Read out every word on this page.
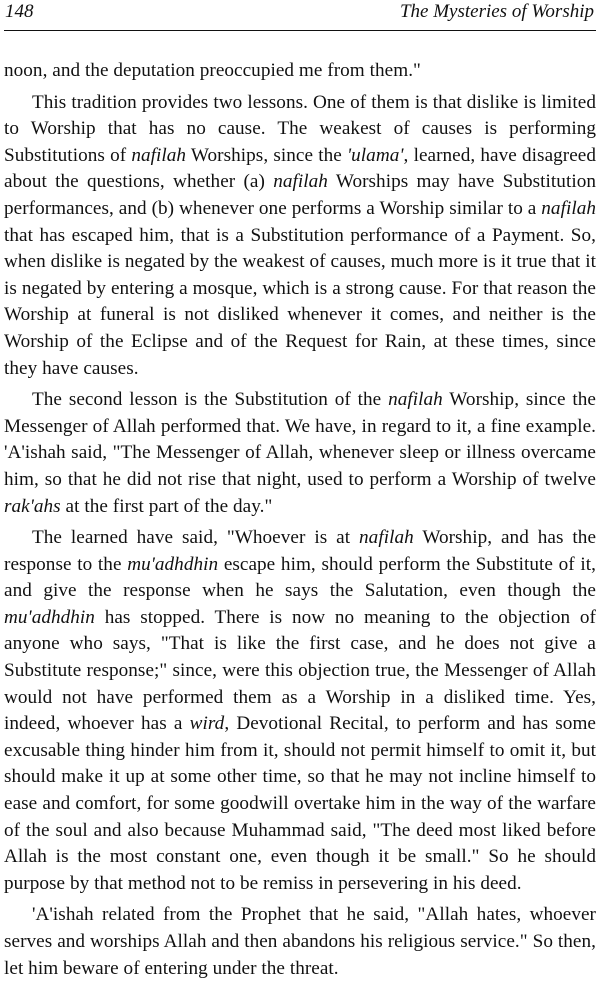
148	The Mysteries of Worship

noon, and the deputation preoccupied me from them."

This tradition provides two lessons. One of them is that dislike is limited to Worship that has no cause. The weakest of causes is performing Substitutions of nafilah Worships, since the 'ulama', learned, have disagreed about the questions, whether (a) nafilah Worships may have Substitution performances, and (b) whenever one performs a Worship similar to a nafilah that has escaped him, that is a Substitution performance of a Payment. So, when dislike is negated by the weakest of causes, much more is it true that it is negated by entering a mosque, which is a strong cause. For that reason the Worship at funeral is not disliked whenever it comes, and neither is the Worship of the Eclipse and of the Request for Rain, at these times, since they have causes.

The second lesson is the Substitution of the nafilah Worship, since the Messenger of Allah performed that. We have, in regard to it, a fine example. 'A'ishah said, "The Messenger of Allah, whenever sleep or illness overcame him, so that he did not rise that night, used to perform a Worship of twelve rak'ahs at the first part of the day."

The learned have said, "Whoever is at nafilah Worship, and has the response to the mu'adhdhin escape him, should perform the Substitute of it, and give the response when he says the Salutation, even though the mu'adhdhin has stopped. There is now no meaning to the objection of anyone who says, "That is like the first case, and he does not give a Substitute response;" since, were this objection true, the Messenger of Allah would not have performed them as a Worship in a disliked time. Yes, indeed, whoever has a wird, Devotional Recital, to perform and has some excusable thing hinder him from it, should not permit himself to omit it, but should make it up at some other time, so that he may not incline himself to ease and comfort, for some goodwill overtake him in the way of the warfare of the soul and also because Muhammad said, "The deed most liked before Allah is the most constant one, even though it be small." So he should purpose by that method not to be remiss in persevering in his deed.

'A'ishah related from the Prophet that he said, "Allah hates, whoever serves and worships Allah and then abandons his religious service." So then, let him beware of entering under the threat.
